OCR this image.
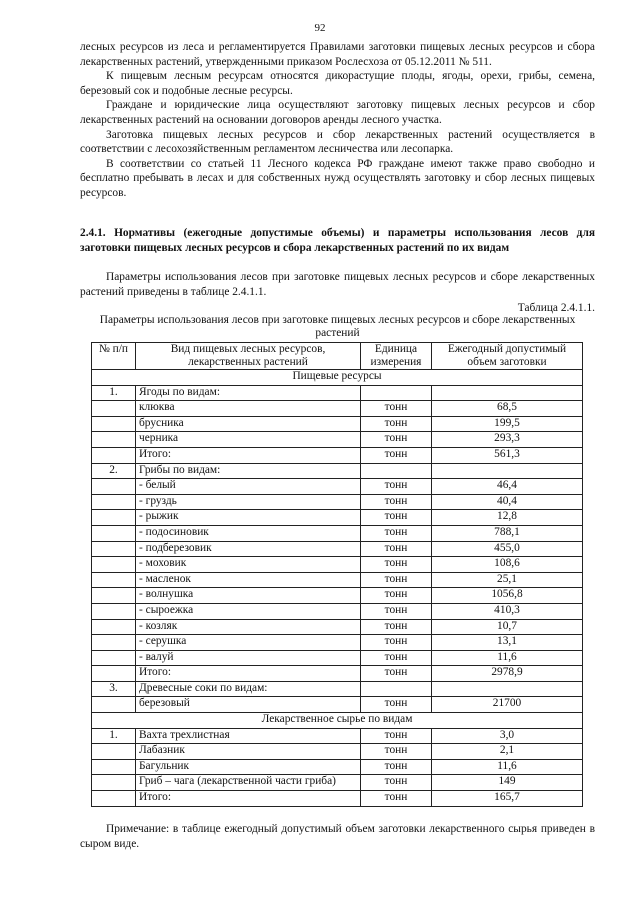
92

лесных ресурсов из леса и регламентируется Правилами заготовки пищевых лесных ресурсов и сбора лекарственных растений, утвержденными приказом Рослесхоза от 05.12.2011 № 511.

К пищевым лесным ресурсам относятся дикорастущие плоды, ягоды, орехи, грибы, семена, березовый сок и подобные лесные ресурсы.

Граждане и юридические лица осуществляют заготовку пищевых лесных ресурсов и сбор лекарственных растений на основании договоров аренды лесного участка.

Заготовка пищевых лесных ресурсов и сбор лекарственных растений осуществляется в соответствии с лесохозяйственным регламентом лесничества или лесопарка.

В соответствии со статьей 11 Лесного кодекса РФ граждане имеют также право свободно и бесплатно пребывать в лесах и для собственных нужд осуществлять заготовку и сбор лесных пищевых ресурсов.

2.4.1. Нормативы (ежегодные допустимые объемы) и параметры использования лесов для заготовки пищевых лесных ресурсов и сбора лекарственных растений по их видам

Параметры использования лесов при заготовке пищевых лесных ресурсов и сборе лекарственных растений приведены в таблице 2.4.1.1.

Таблица 2.4.1.1.
Параметры использования лесов при заготовке пищевых лесных ресурсов и сборе лекарственных растений
№ п/п	Вид пищевых лесных ресурсов, лекарственных растений	Единица измерения	Ежегодный допустимый объем заготовки
Пищевые ресурсы			
1.	Ягоды по видам:		
	клюква	тонн	68,5
	брусника	тонн	199,5
	черника	тонн	293,3
	Итого:	тонн	561,3
2.	Грибы по видам:		
	- белый	тонн	46,4
	- груздь	тонн	40,4
	- рыжик	тонн	12,8
	- подосиновик	тонн	788,1
	- подберезовик	тонн	455,0
	- моховик	тонн	108,6
	- масленок	тонн	25,1
	- волнушка	тонн	1056,8
	- сыроежка	тонн	410,3
	- козляк	тонн	10,7
	- серушка	тонн	13,1
	- валуй	тонн	11,6
	Итого:	тонн	2978,9
3.	Древесные соки по видам:		
	березовый	тонн	21700
Лекарственное сырье по видам			
1.	Вахта трехлистная	тонн	3,0
	Лабазник	тонн	2,1
	Багульник	тонн	11,6
	Гриб – чага (лекарственной части гриба)	тонн	149
	Итого:	тонн	165,7

Примечание: в таблице ежегодный допустимый объем заготовки лекарственного сырья приведен в сыром виде.
